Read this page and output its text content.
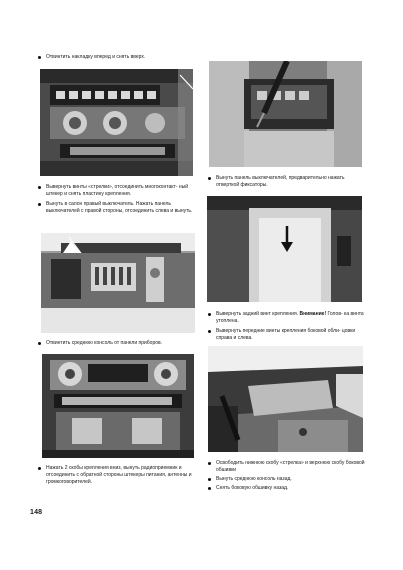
Отвинтить накладку вперед и снять вверх.
Вывернуть винты «стрелки», отсоединить многоконтакт- ный штекер и снять пластину крепления.
Вынуть в салон правый выключатель. Нажать панель выключателей с правой стороны, отсоединить слева и вынуть.
Отвинтить среднюю консоль от панели приборов.
Нажать 2 скобы крепления вниз, вынуть радиоприемник и отсоединить с обратной стороны штекеры питания, антенны и громкоговорителей.
Вынуть панель выключателей, предварительно нажать отверткой фиксаторы.
Вывернуть задний винт крепления. Внимание! Голов- ка винта утоплена.
Вывернуть передние винты крепления боковой обли- цовки справа и слева.
Освободить нижнюю скобу «стрелка» и верхнюю скобу боковой обшивки
Вынуть среднюю консоль назад.
Снять боковую обшивку назад.
148
